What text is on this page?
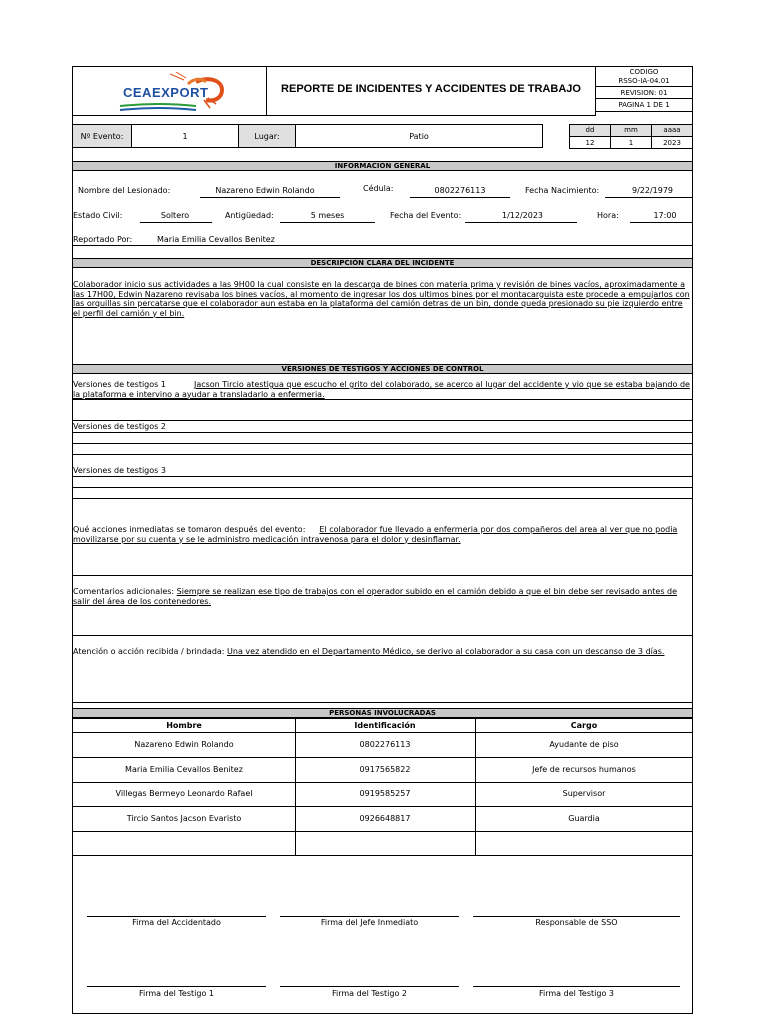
CEAEXPORT	REPORTE DE INCIDENTES Y ACCIDENTES DE TRABAJO
CODIGO
RSSO-IA-04.01
REVISION: 01
PAGINA 1 DE 1
Nº Evento:	1	Lugar:	Patio
dd	mm	aaaa
12	1	2023
INFORMACIÓN GENERAL
Nombre del Lesionado:	Nazareno Edwin Rolando	Cédula:	0802276113	Fecha Nacimiento:	9/22/1979
Estado Civil:	Soltero	Antigüedad:	5 meses	Fecha del Evento:	1/12/2023	Hora:	17:00
Reportado Por:	Maria Emilia Cevallos Benitez
DESCRIPCIÓN CLARA DEL INCIDENTE
Colaborador inicio sus actividades a las 9H00 la cual consiste en la descarga de bines con materia prima y revisión de bines vacíos, aproximadamente a las 17H00, Edwin Nazareno revisaba los bines vacíos, al momento de ingresar los dos ultimos bines por el montacarguista este procede a empujarlos con las orquillas sin percatarse que el colaborador aun estaba en la plataforma del camión detras de un bin, donde queda presionado su pie izquierdo entre el perfil del camión y el bin.
VERSIONES DE TESTIGOS Y ACCIONES DE CONTROL
Versiones de testigos 1	Jacson Tircio atestigua que escucho el grito del colaborado, se acerco al lugar del accidente y vio que se estaba bajando de la plataforma e intervino a ayudar a transladarlo a enfermeria.
Versiones de testigos 2
Versiones de testigos 3
Qué acciones inmediatas se tomaron después del evento: El colaborador fue llevado a enfermeria por dos compañeros del area al ver que no podia movilizarse por su cuenta y se le administro medicación intravenosa para el dolor y desinflamar.
Comentarios adicionales: Siempre se realizan ese tipo de trabajos con el operador subido en el camión debido a que el bin debe ser revisado antes de salir del área de los contenedores.
Atención o acción recibida / brindada: Una vez atendido en el Departamento Médico, se derivo al colaborador a su casa con un descanso de 3 días.
PERSONAS INVOLUCRADAS
Hombre	Identificación	Cargo
Nazareno Edwin Rolando	0802276113	Ayudante de piso
Maria Emilia Cevallos Benitez	0917565822	Jefe de recursos humanos
Villegas Bermeyo Leonardo Rafael	0919585257	Supervisor
Tircio Santos Jacson Evaristo	0926648817	Guardia
Firma del Accidentado	Firma del Jefe Inmediato	Responsable de SSO
Firma del Testigo 1	Firma del Testigo 2	Firma del Testigo 3
